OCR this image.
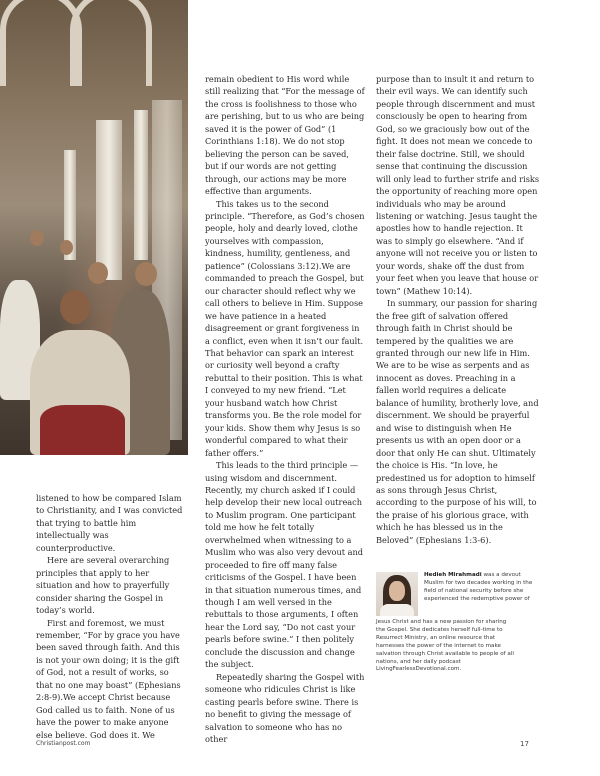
listened to how be compared Islam to Christianity, and I was convicted that trying to battle him intellectually was counterproductive.

Here are several overarching principles that apply to her situation and how to prayerfully consider sharing the Gospel in today’s world.

First and foremost, we must remember, “For by grace you have been saved through faith. And this is not your own doing; it is the gift of God, not a result of works, so that no one may boast” (Ephesians 2:8-9).We accept Christ because God called us to faith. None of us have the power to make anyone else believe. God does it. We

remain obedient to His word while still realizing that “For the message of the cross is foolishness to those who are perishing, but to us who are being saved it is the power of God” (1 Corinthians 1:18). We do not stop believing the person can be saved, but if our words are not getting through, our actions may be more effective than arguments.

This takes us to the second principle. “Therefore, as God’s chosen people, holy and dearly loved, clothe yourselves with compassion, kindness, humility, gentleness, and patience” (Colossians 3:12).We are commanded to preach the Gospel, but our character should reflect why we call others to believe in Him. Suppose we have patience in a heated disagreement or grant forgiveness in a conflict, even when it isn’t our fault. That behavior can spark an interest or curiosity well beyond a crafty rebuttal to their position. This is what I conveyed to my new friend. “Let your husband watch how Christ transforms you. Be the role model for your kids. Show them why Jesus is so wonderful compared to what their father offers.”

This leads to the third principle — using wisdom and discernment. Recently, my church asked if I could help develop their new local outreach to Muslim program. One participant told me how he felt totally overwhelmed when witnessing to a Muslim who was also very devout and proceeded to fire off many false criticisms of the Gospel. I have been in that situation numerous times, and though I am well versed in the rebuttals to those arguments, I often hear the Lord say, “Do not cast your pearls before swine.” I then politely conclude the discussion and change the subject.

Repeatedly sharing the Gospel with someone who ridicules Christ is like casting pearls before swine. There is no benefit to giving the message of salvation to someone who has no other

purpose than to insult it and return to their evil ways. We can identify such people through discernment and must consciously be open to hearing from God, so we graciously bow out of the fight. It does not mean we concede to their false doctrine. Still, we should sense that continuing the discussion will only lead to further strife and risks the opportunity of reaching more open individuals who may be around listening or watching. Jesus taught the apostles how to handle rejection. It was to simply go elsewhere. “And if anyone will not receive you or listen to your words, shake off the dust from your feet when you leave that house or town” (Mathew 10:14).

In summary, our passion for sharing the free gift of salvation offered through faith in Christ should be tempered by the qualities we are granted through our new life in Him. We are to be wise as serpents and as innocent as doves. Preaching in a fallen world requires a delicate balance of humility, brotherly love, and discernment. We should be prayerful and wise to distinguish when He presents us with an open door or a door that only He can shut. Ultimately the choice is His. “In love, he predestined us for adoption to himself as sons through Jesus Christ, according to the purpose of his will, to the praise of his glorious grace, with which he has blessed us in the Beloved” (Ephesians 1:3-6).

Hedieh Mirahmadi was a devout Muslim for two decades working in the field of national security before she experienced the redemptive power of

Jesus Christ and has a new passion for sharing the Gospel. She dedicates herself full-time to Resurrect Ministry, an online resource that harnesses the power of the internet to make salvation through Christ available to people of all nations, and her daily podcast LivingFearlessDevotional.com.

Christianpost.com	17
